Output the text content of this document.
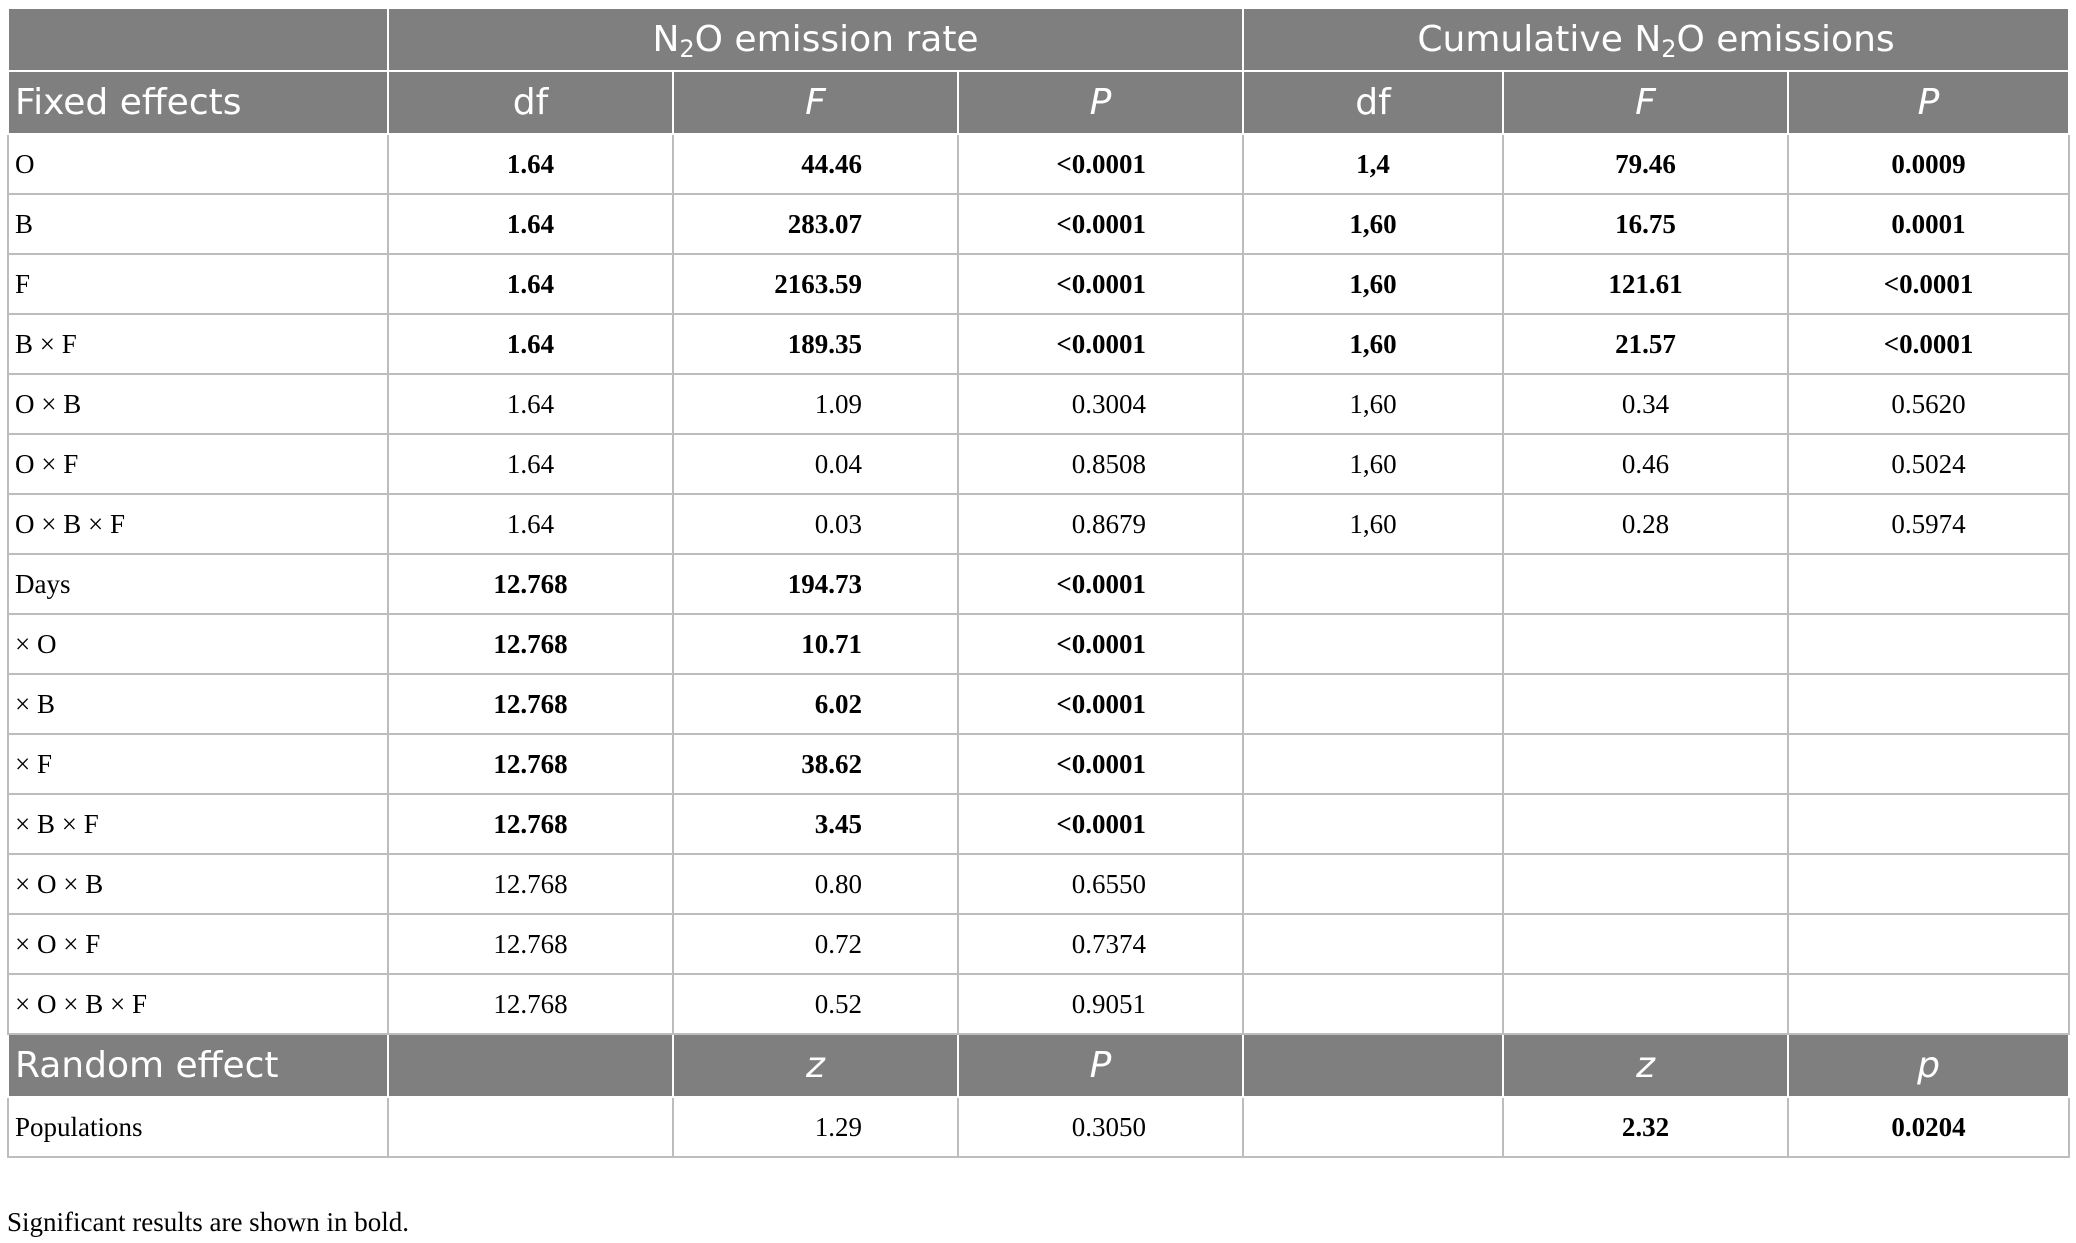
	$N_2O$ emission rate			Cumulative $N_2O$ emissions		
Fixed effects	df	F	P	df	F	P
O	1.64	44.46	<0.0001	1,4	79.46	0.0009
B	1.64	283.07	<0.0001	1,60	16.75	0.0001
F	1.64	2163.59	<0.0001	1,60	121.61	<0.0001
B × F	1.64	189.35	<0.0001	1,60	21.57	<0.0001
O × B	1.64	1.09	0.3004	1,60	0.34	0.5620
O × F	1.64	0.04	0.8508	1,60	0.46	0.5024
O × B × F	1.64	0.03	0.8679	1,60	0.28	0.5974
Days	12.768	194.73	<0.0001			
× O	12.768	10.71	<0.0001			
× B	12.768	6.02	<0.0001			
× F	12.768	38.62	<0.0001			
× B × F	12.768	3.45	<0.0001			
× O × B	12.768	0.80	0.6550			
× O × F	12.768	0.72	0.7374			
× O × B × F	12.768	0.52	0.9051			
Random effect		z	P		z	p
Populations		1.29	0.3050		2.32	0.0204
Significant results are shown in bold.
